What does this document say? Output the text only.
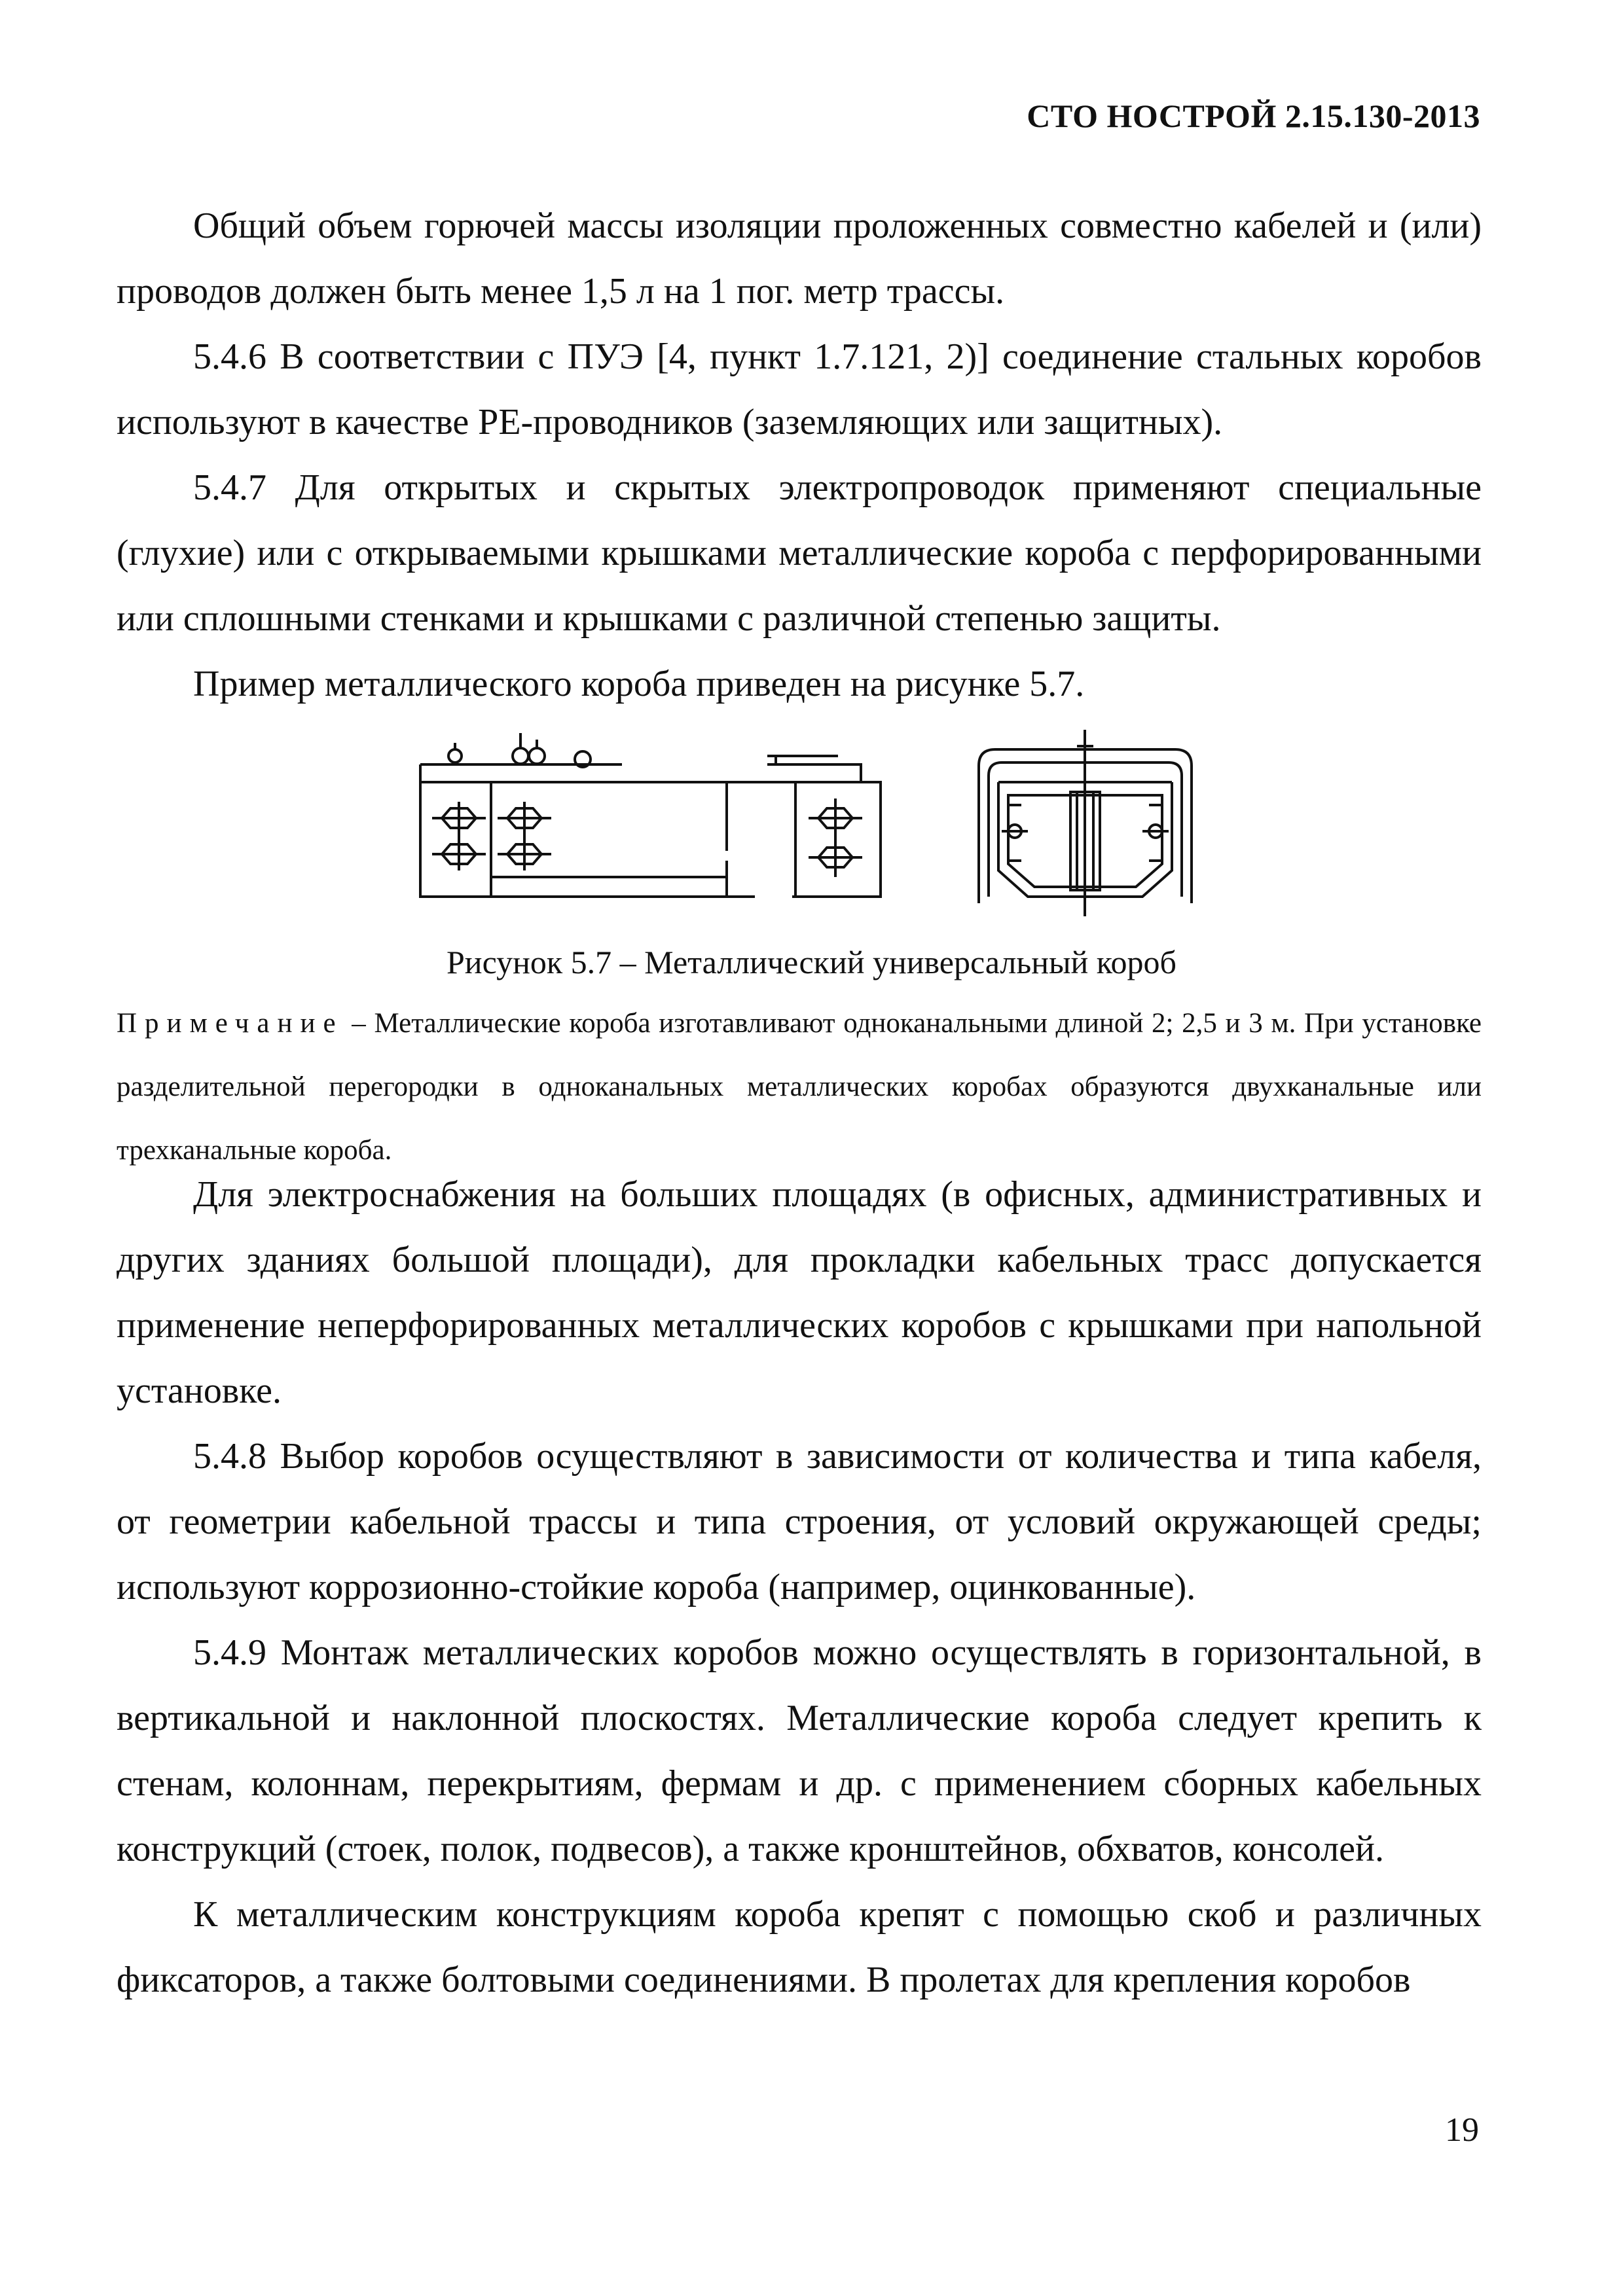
СТО НОСТРОЙ 2.15.130-2013

Общий объем горючей массы изоляции проложенных совместно кабелей и (или) проводов должен быть менее 1,5 л на 1 пог. метр трассы.

5.4.6 В соответствии с ПУЭ [4, пункт 1.7.121, 2)] соединение стальных коробов используют в качестве РЕ-проводников (заземляющих или защитных).

5.4.7 Для открытых и скрытых электропроводок применяют специальные (глухие) или с открываемыми крышками металлические короба с перфорированными или сплошными стенками и крышками с различной степенью защиты.

Пример металлического короба приведен на рисунке 5.7.

Рисунок 5.7 – Металлический универсальный короб
Примечание – Металлические короба изготавливают одноканальными длиной 2; 2,5 и 3 м. При установке разделительной перегородки в одноканальных металлических коробах образуются двухканальные или трехканальные короба.

Для электроснабжения на больших площадях (в офисных, административных и других зданиях большой площади), для прокладки кабельных трасс допускается применение неперфорированных металлических коробов с крышками при напольной установке.

5.4.8 Выбор коробов осуществляют в зависимости от количества и типа кабеля, от геометрии кабельной трассы и типа строения, от условий окружающей среды; используют коррозионно-стойкие короба (например, оцинкованные).

5.4.9 Монтаж металлических коробов можно осуществлять в горизонтальной, в вертикальной и наклонной плоскостях. Металлические короба следует крепить к стенам, колоннам, перекрытиям, фермам и др. с применением сборных кабельных конструкций (стоек, полок, подвесов), а также кронштейнов, обхватов, консолей.

К металлическим конструкциям короба крепят с помощью скоб и различных фиксаторов, а также болтовыми соединениями. В пролетах для крепления коробов

19
